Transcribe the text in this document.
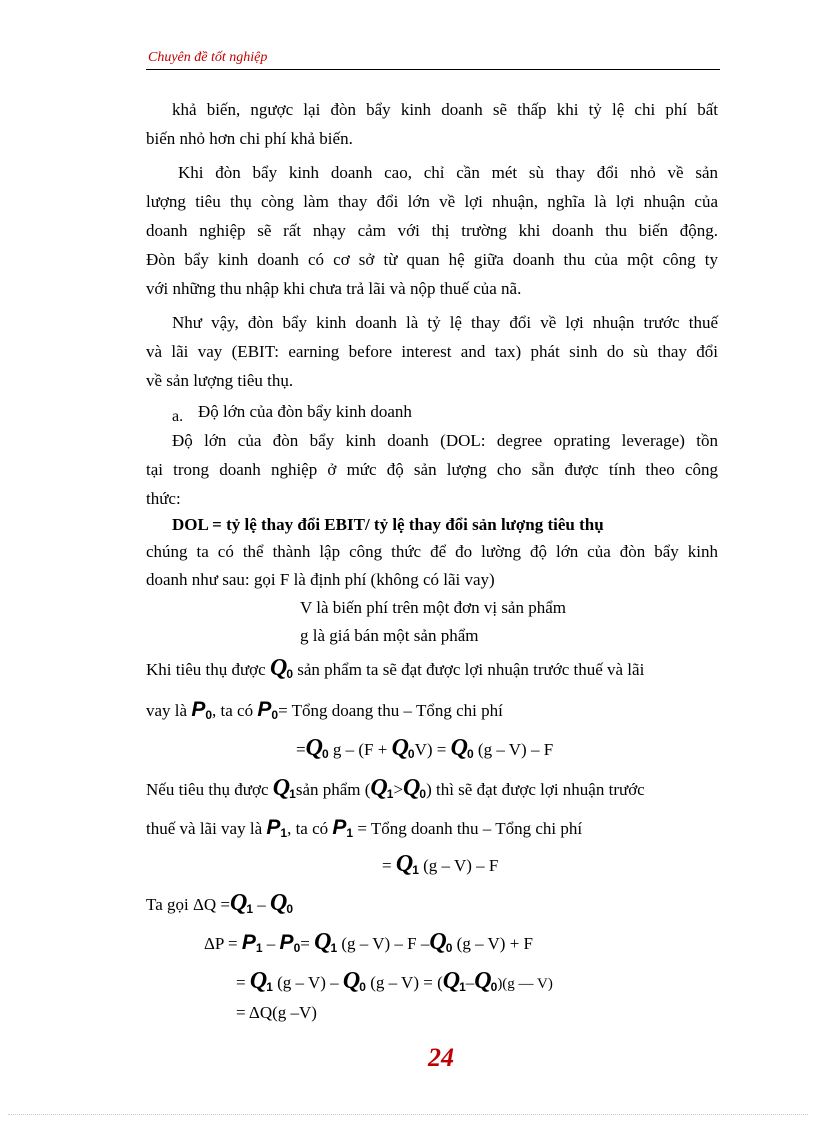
Chuyên đề tốt nghiệp
khả biến, ngược lại đòn bẩy kinh doanh sẽ thấp khi tỷ lệ chi phí bất
biến nhỏ hơn chi phí khả biến.
Khi đòn bẩy kinh doanh cao, chỉ cần mét sù thay đổi nhỏ về sản
lượng tiêu thụ còng làm thay đổi lớn về lợi nhuận, nghĩa là lợi nhuận của
doanh nghiệp sẽ rất nhạy cảm với thị trường khi doanh thu biến động.
Đòn bẩy kinh doanh có cơ sở từ quan hệ giữa doanh thu của một công ty
với những thu nhập khi chưa trả lãi và nộp thuế của nã.
Như vậy, đòn bẩy kinh doanh là tỷ lệ thay đổi về lợi nhuận trước thuế
và lãi vay (EBIT: earning before interest and tax) phát sinh do sù thay đổi
về sản lượng tiêu thụ.
a. Độ lớn của đòn bẩy kinh doanh
Độ lớn của đòn bẩy kinh doanh (DOL: degree oprating leverage) tồn
tại trong doanh nghiệp ở mức độ sản lượng cho sẵn được tính theo công
thức:
DOL = tỷ lệ thay đổi EBIT/ tỷ lệ thay đổi sản lượng tiêu thụ
chúng ta có thể thành lập công thức để đo lường độ lớn của đòn bẩy kinh
doanh như sau: gọi F là định phí (không có lãi vay)
V là biến phí trên một đơn vị sản phẩm
g là giá bán một sản phẩm
Khi tiêu thụ được Q0 sản phẩm ta sẽ đạt được lợi nhuận trước thuế và lãi
vay là P0, ta có P0= Tổng doang thu – Tổng chi phí
=Q0 g – (F + Q0V) = Q0 (g – V) – F
Nếu tiêu thụ được Q1sản phẩm (Q1>Q0) thì sẽ đạt được lợi nhuận trước
thuế và lãi vay là P1, ta có P1 = Tổng doanh thu – Tổng chi phí
= Q1 (g – V) – F
Ta gọi ΔQ =Q1 – Q0
ΔP = P1 – P0= Q1 (g – V) – F –Q0 (g – V) + F
= Q1 (g – V) – Q0 (g – V) = (Q1–Q0)(g — V)
= ΔQ(g –V)
24
